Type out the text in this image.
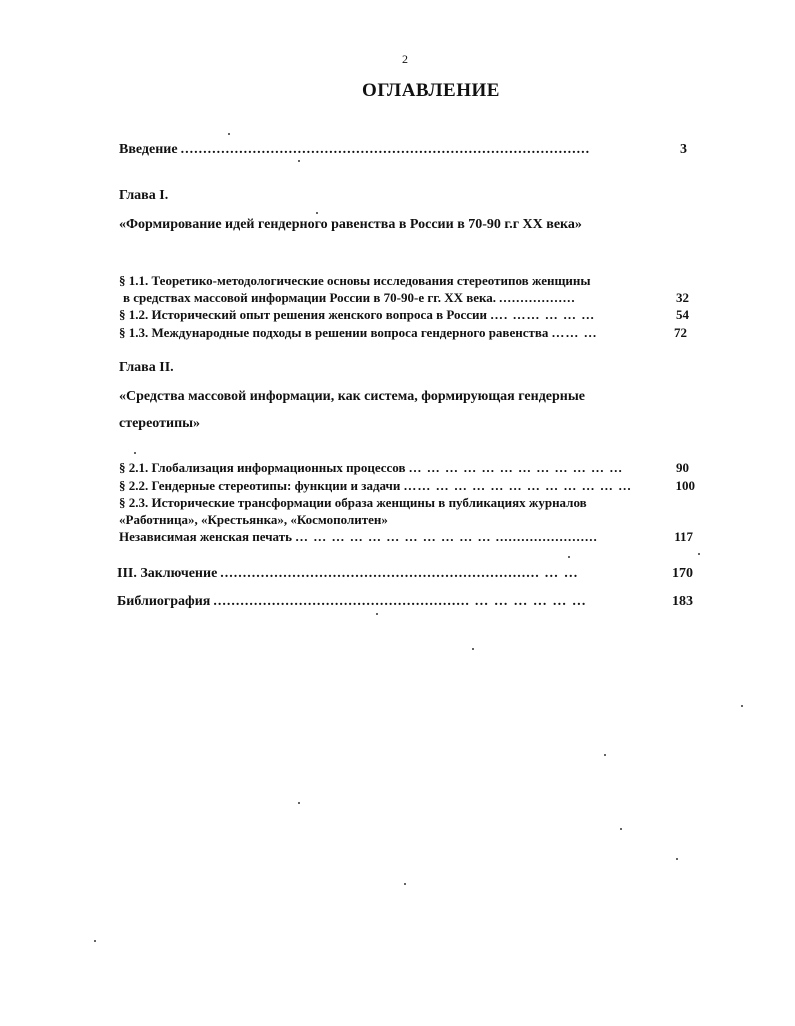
2
ОГЛАВЛЕНИЕ
Введение ...........................................................................................	3
Глава I.
«Формирование идей гендерного равенства в России в 70-90 г.г XX века»
§ 1.1. Теоретико-методологические основы исследования стереотипов женщины
в средствах массовой информации России в 70-90-е гг. XX века. ..................	32
§ 1.2. Исторический опыт решения женского вопроса в России …. …… … … …	54
§ 1.3. Международные подходы в решении вопроса гендерного равенства …… …	72
Глава II.
«Средства массовой информации, как система, формирующая гендерные
стереотипы»
§ 2.1. Глобализация информационных процессов … … … … … … … … … … … …	90
§ 2.2. Гендерные стереотипы: функции и задачи …… … … … … … … … … … … …	100
§ 2.3. Исторические трансформации образа женщины в публикациях журналов
«Работница», «Крестьянка», «Космополитен»
Независимая женская печать … … … … … … … … … … … ........................	117
III. Заключение ....................................................................... … …	170
Библиография ......................................................... … … … … … …	183
